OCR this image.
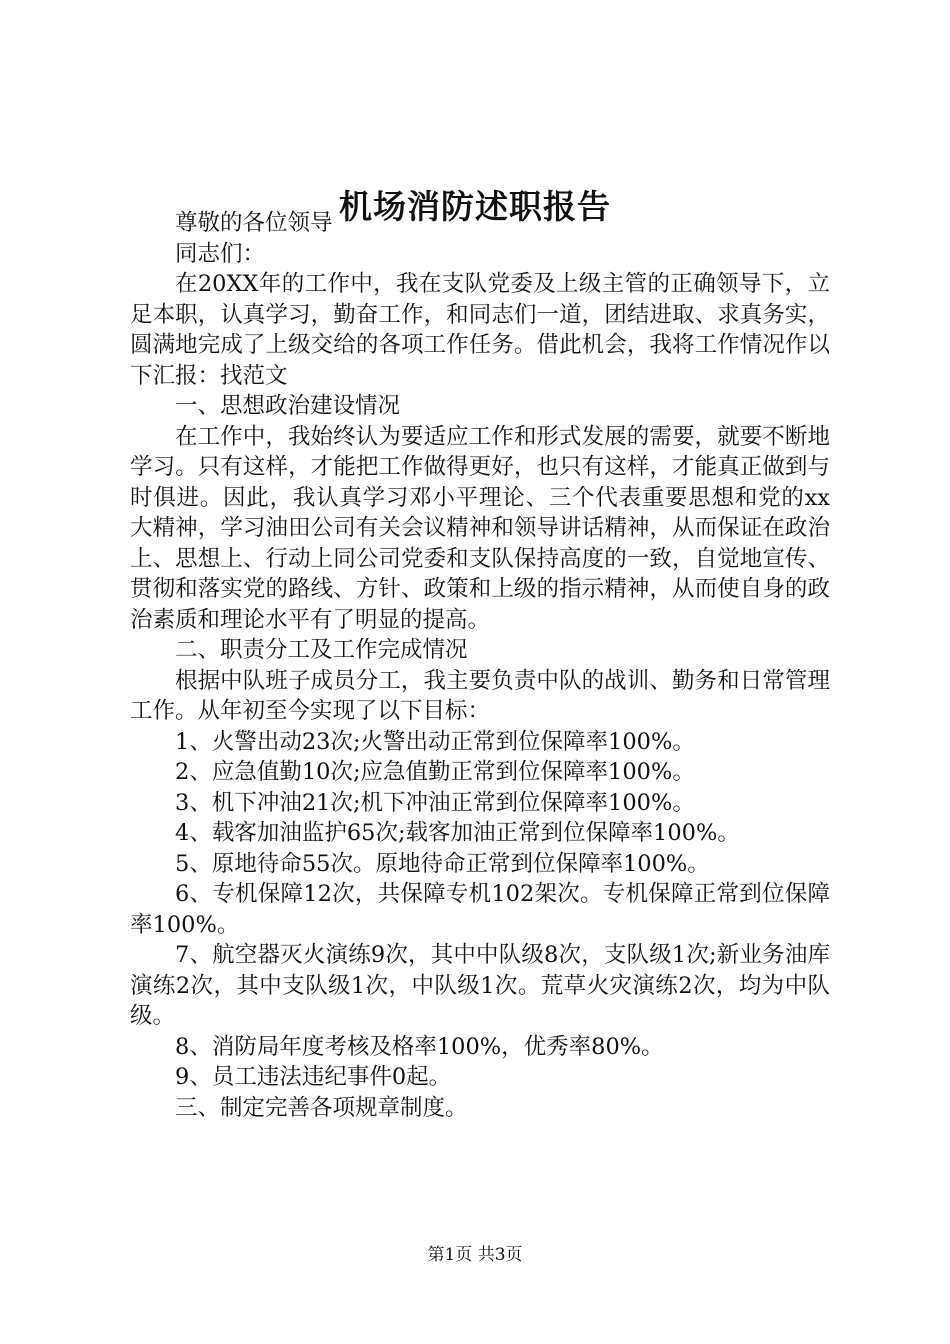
机场消防述职报告

尊敬的各位领导

同志们：

在20XX年的工作中，我在支队党委及上级主管的正确领导下，立足本职，认真学习，勤奋工作，和同志们一道，团结进取、求真务实，圆满地完成了上级交给的各项工作任务。借此机会，我将工作情况作以下汇报：找范文

一、思想政治建设情况

在工作中，我始终认为要适应工作和形式发展的需要，就要不断地学习。只有这样，才能把工作做得更好，也只有这样，才能真正做到与时俱进。因此，我认真学习邓小平理论、三个代表重要思想和党的xx大精神，学习油田公司有关会议精神和领导讲话精神，从而保证在政治上、思想上、行动上同公司党委和支队保持高度的一致，自觉地宣传、贯彻和落实党的路线、方针、政策和上级的指示精神，从而使自身的政治素质和理论水平有了明显的提高。

二、职责分工及工作完成情况

根据中队班子成员分工，我主要负责中队的战训、勤务和日常管理工作。从年初至今实现了以下目标：

1、火警出动23次;火警出动正常到位保障率100%。

2、应急值勤10次;应急值勤正常到位保障率100%。

3、机下冲油21次;机下冲油正常到位保障率100%。

4、载客加油监护65次;载客加油正常到位保障率100%。

5、原地待命55次。原地待命正常到位保障率100%。

6、专机保障12次，共保障专机102架次。专机保障正常到位保障率100%。

7、航空器灭火演练9次，其中中队级8次，支队级1次;新业务油库演练2次，其中支队级1次，中队级1次。荒草火灾演练2次，均为中队级。

8、消防局年度考核及格率100%，优秀率80%。

9、员工违法违纪事件0起。

三、制定完善各项规章制度。

第1页 共3页
